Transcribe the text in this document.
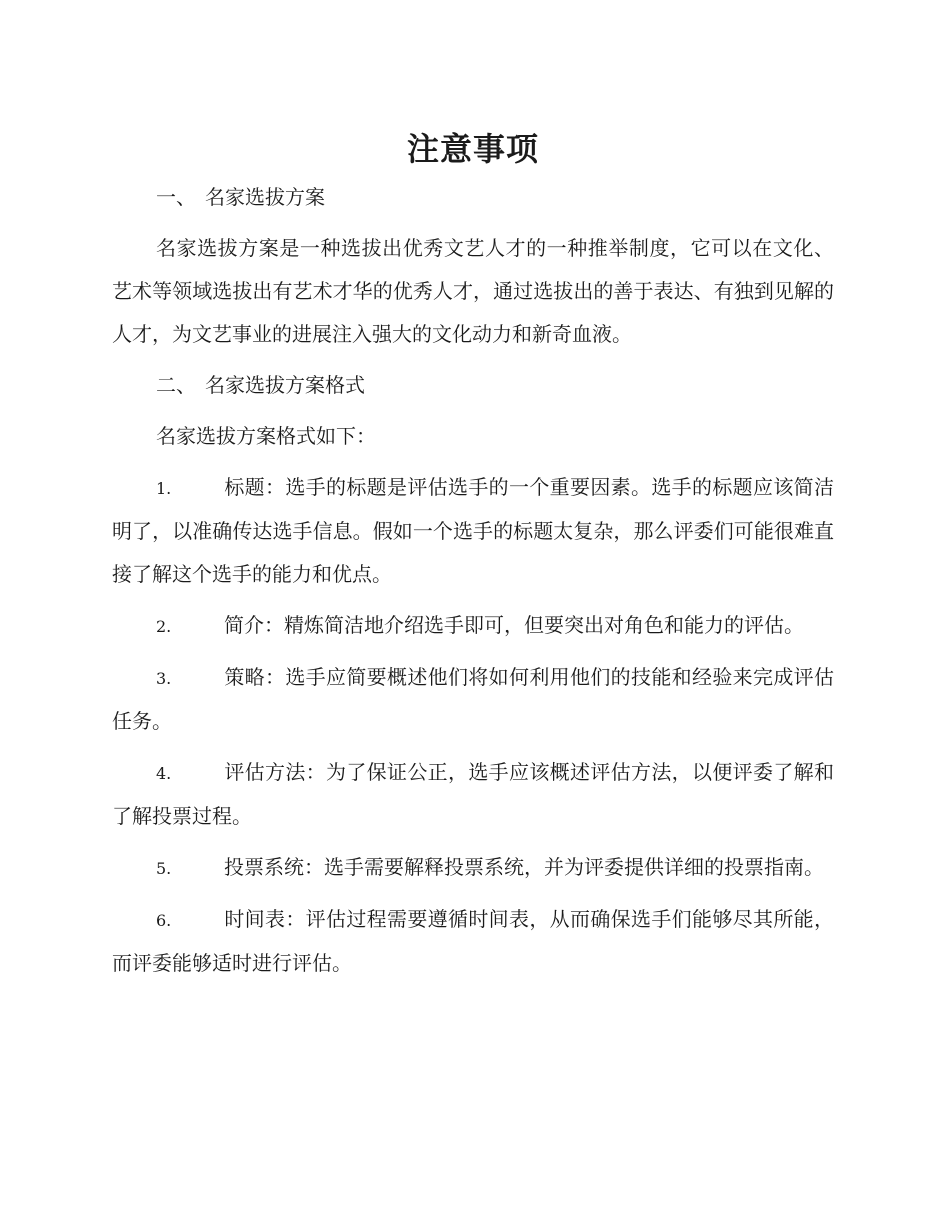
注意事项
一、 名家选拔方案

名家选拔方案是一种选拔出优秀文艺人才的一种推举制度，它可以在文化、艺术等领域选拔出有艺术才华的优秀人才，通过选拔出的善于表达、有独到见解的人才，为文艺事业的进展注入强大的文化动力和新奇血液。

二、 名家选拔方案格式

名家选拔方案格式如下：

1.	标题：选手的标题是评估选手的一个重要因素。选手的标题应该简洁明了，以准确传达选手信息。假如一个选手的标题太复杂，那么评委们可能很难直接了解这个选手的能力和优点。

2.	简介：精炼简洁地介绍选手即可，但要突出对角色和能力的评估。

3.	策略：选手应简要概述他们将如何利用他们的技能和经验来完成评估任务。

4.	评估方法：为了保证公正，选手应该概述评估方法，以便评委了解和了解投票过程。

5.	投票系统：选手需要解释投票系统，并为评委提供详细的投票指南。

6.	时间表：评估过程需要遵循时间表，从而确保选手们能够尽其所能，而评委能够适时进行评估。
